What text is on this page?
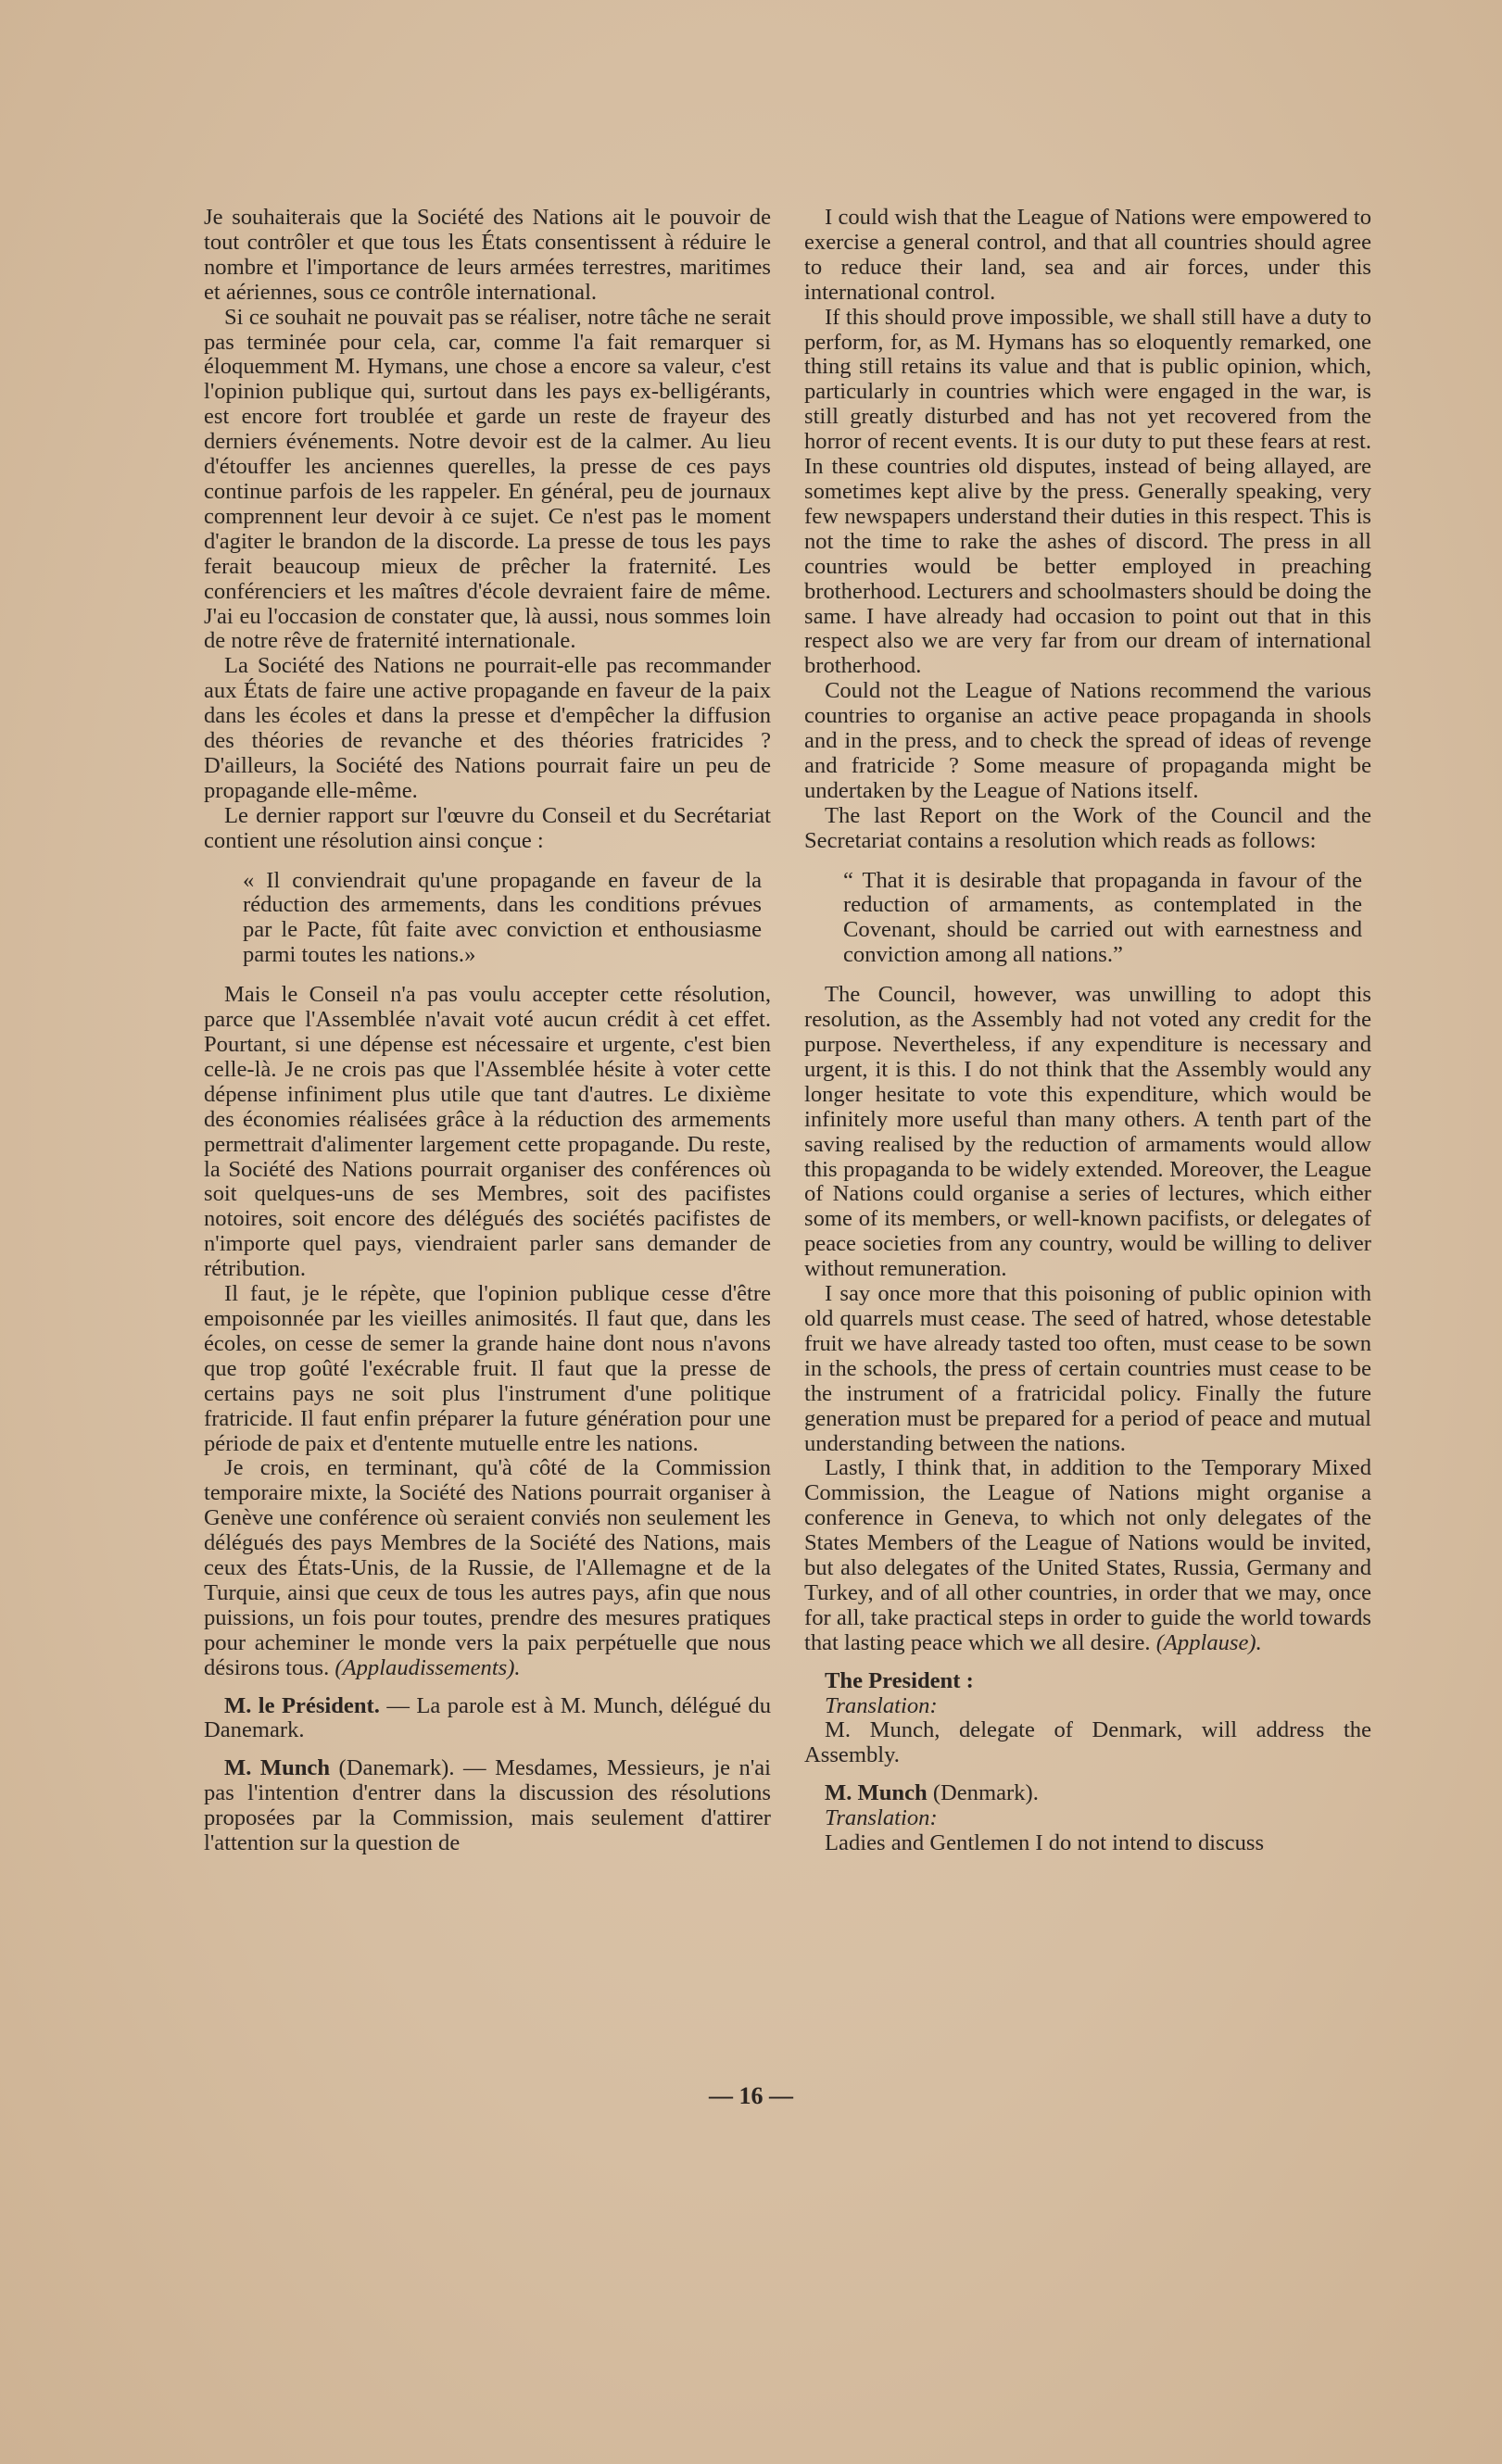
Je souhaiterais que la Société des Nations ait le pouvoir de tout contrôler et que tous les États consentissent à réduire le nombre et l'importance de leurs armées terrestres, maritimes et aériennes, sous ce contrôle international.

Si ce souhait ne pouvait pas se réaliser, notre tâche ne serait pas terminée pour cela, car, comme l'a fait remarquer si éloquemment M. Hymans, une chose a encore sa valeur, c'est l'opinion publique qui, surtout dans les pays ex-belligérants, est encore fort troublée et garde un reste de frayeur des derniers événements. Notre devoir est de la calmer. Au lieu d'étouffer les anciennes querelles, la presse de ces pays continue parfois de les rappeler. En général, peu de journaux comprennent leur devoir à ce sujet. Ce n'est pas le moment d'agiter le brandon de la discorde. La presse de tous les pays ferait beaucoup mieux de prêcher la fraternité. Les conférenciers et les maîtres d'école devraient faire de même. J'ai eu l'occasion de constater que, là aussi, nous sommes loin de notre rêve de fraternité internationale.

La Société des Nations ne pourrait-elle pas recommander aux États de faire une active propagande en faveur de la paix dans les écoles et dans la presse et d'empêcher la diffusion des théories de revanche et des théories fratricides ? D'ailleurs, la Société des Nations pourrait faire un peu de propagande elle-même.

Le dernier rapport sur l'œuvre du Conseil et du Secrétariat contient une résolution ainsi conçue :

« Il conviendrait qu'une propagande en faveur de la réduction des armements, dans les conditions prévues par le Pacte, fût faite avec conviction et enthousiasme parmi toutes les nations.»

Mais le Conseil n'a pas voulu accepter cette résolution, parce que l'Assemblée n'avait voté aucun crédit à cet effet. Pourtant, si une dépense est nécessaire et urgente, c'est bien celle-là. Je ne crois pas que l'Assemblée hésite à voter cette dépense infiniment plus utile que tant d'autres. Le dixième des économies réalisées grâce à la réduction des armements permettrait d'alimenter largement cette propagande. Du reste, la Société des Nations pourrait organiser des conférences où soit quelques-uns de ses Membres, soit des pacifistes notoires, soit encore des délégués des sociétés pacifistes de n'importe quel pays, viendraient parler sans demander de rétribution.

Il faut, je le répète, que l'opinion publique cesse d'être empoisonnée par les vieilles animosités. Il faut que, dans les écoles, on cesse de semer la grande haine dont nous n'avons que trop goûté l'exécrable fruit. Il faut que la presse de certains pays ne soit plus l'instrument d'une politique fratricide. Il faut enfin préparer la future génération pour une période de paix et d'entente mutuelle entre les nations.

Je crois, en terminant, qu'à côté de la Commission temporaire mixte, la Société des Nations pourrait organiser à Genève une conférence où seraient conviés non seulement les délégués des pays Membres de la Société des Nations, mais ceux des États-Unis, de la Russie, de l'Allemagne et de la Turquie, ainsi que ceux de tous les autres pays, afin que nous puissions, un fois pour toutes, prendre des mesures pratiques pour acheminer le monde vers la paix perpétuelle que nous désirons tous. (Applaudissements).

M. le Président. — La parole est à M. Munch, délégué du Danemark.

M. Munch (Danemark). — Mesdames, Messieurs, je n'ai pas l'intention d'entrer dans la discussion des résolutions proposées par la Commission, mais seulement d'attirer l'attention sur la question de

I could wish that the League of Nations were empowered to exercise a general control, and that all countries should agree to reduce their land, sea and air forces, under this international control.

If this should prove impossible, we shall still have a duty to perform, for, as M. Hymans has so eloquently remarked, one thing still retains its value and that is public opinion, which, particularly in countries which were engaged in the war, is still greatly disturbed and has not yet recovered from the horror of recent events. It is our duty to put these fears at rest. In these countries old disputes, instead of being allayed, are sometimes kept alive by the press. Generally speaking, very few newspapers understand their duties in this respect. This is not the time to rake the ashes of discord. The press in all countries would be better employed in preaching brotherhood. Lecturers and schoolmasters should be doing the same. I have already had occasion to point out that in this respect also we are very far from our dream of international brotherhood.

Could not the League of Nations recommend the various countries to organise an active peace propaganda in shools and in the press, and to check the spread of ideas of revenge and fratricide ? Some measure of propaganda might be undertaken by the League of Nations itself.

The last Report on the Work of the Council and the Secretariat contains a resolution which reads as follows:

“ That it is desirable that propaganda in favour of the reduction of armaments, as contemplated in the Covenant, should be carried out with earnestness and conviction among all nations.”

The Council, however, was unwilling to adopt this resolution, as the Assembly had not voted any credit for the purpose. Nevertheless, if any expenditure is necessary and urgent, it is this. I do not think that the Assembly would any longer hesitate to vote this expenditure, which would be infinitely more useful than many others. A tenth part of the saving realised by the reduction of armaments would allow this propaganda to be widely extended. Moreover, the League of Nations could organise a series of lectures, which either some of its members, or well-known pacifists, or delegates of peace societies from any country, would be willing to deliver without remuneration.

I say once more that this poisoning of public opinion with old quarrels must cease. The seed of hatred, whose detestable fruit we have already tasted too often, must cease to be sown in the schools, the press of certain countries must cease to be the instrument of a fratricidal policy. Finally the future generation must be prepared for a period of peace and mutual understanding between the nations.

Lastly, I think that, in addition to the Temporary Mixed Commission, the League of Nations might organise a conference in Geneva, to which not only delegates of the States Members of the League of Nations would be invited, but also delegates of the United States, Russia, Germany and Turkey, and of all other countries, in order that we may, once for all, take practical steps in order to guide the world towards that lasting peace which we all desire. (Applause).

The President :

Translation:

M. Munch, delegate of Denmark, will address the Assembly.

M. Munch (Denmark).

Translation:

Ladies and Gentlemen I do not intend to discuss

— 16 —
